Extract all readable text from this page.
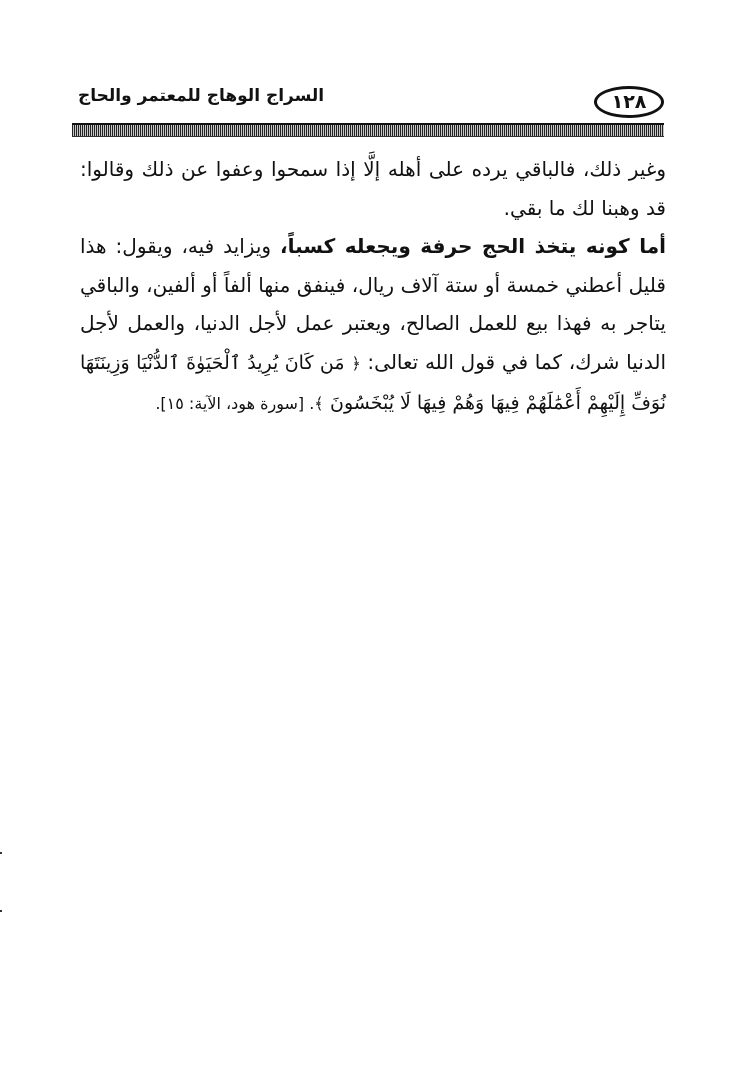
١٢٨
السراج الوهاج للمعتمر والحاج

وغير ذلك، فالباقي يرده على أهله إلَّا إذا سمحوا وعفوا عن ذلك وقالوا: قد وهبنا لك ما بقي.

أما كونه يتخذ الحج حرفة ويجعله كسباً، ويزايد فيه، ويقول: هذا قليل أعطني خمسة أو ستة آلاف ريال، فينفق منها ألفاً أو ألفين، والباقي يتاجر به فهذا بيع للعمل الصالح، ويعتبر عمل لأجل الدنيا، والعمل لأجل الدنيا شرك، كما في قول الله تعالى: ﴿ مَن كَانَ يُرِيدُ ٱلْحَيَوٰةَ ٱلدُّنْيَا وَزِينَتَهَا نُوَفِّ إِلَيْهِمْ أَعْمَٰلَهُمْ فِيهَا وَهُمْ فِيهَا لَا يُبْخَسُونَ ﴾. [سورة هود، الآية: ١٥].
